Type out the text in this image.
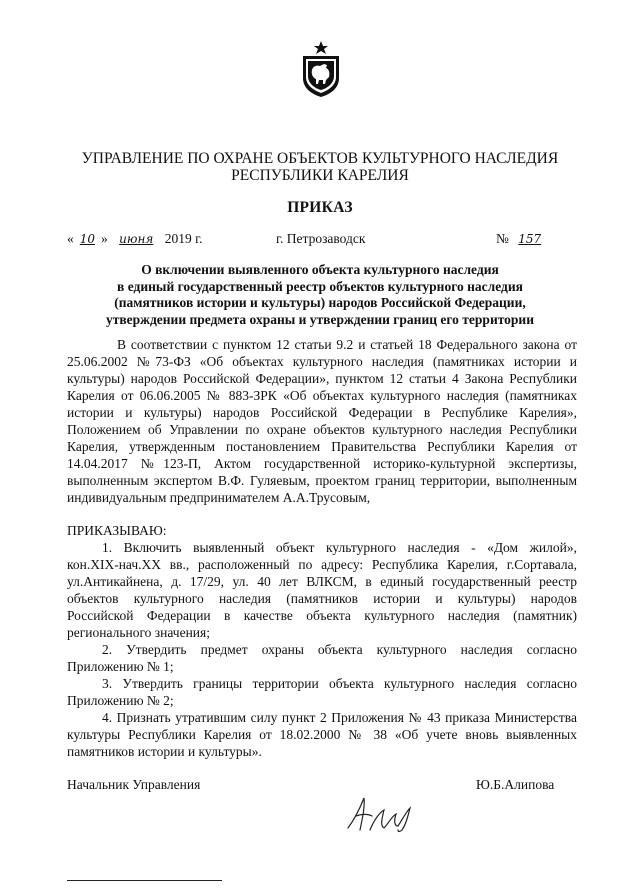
УПРАВЛЕНИЕ ПО ОХРАНЕ ОБЪЕКТОВ КУЛЬТУРНОГО НАСЛЕДИЯ
РЕСПУБЛИКИ КАРЕЛИЯ
ПРИКАЗ
« 10 » июня 2019 г.	г. Петрозаводск	№ 157
О включении выявленного объекта культурного наследия
в единый государственный реестр объектов культурного наследия
(памятников истории и культуры) народов Российской Федерации,
утверждении предмета охраны и утверждении границ его территории
В соответствии с пунктом 12 статьи 9.2 и статьей 18 Федерального закона от
25.06.2002 №73-ФЗ «Об объектах культурного наследия (памятниках истории и
культуры) народов Российской Федерации», пунктом 12 статьи 4 Закона Республики
Карелия от 06.06.2005 № 883-ЗРК «Об объектах культурного наследия (памятниках
истории и культуры) народов Российской Федерации в Республике Карелия»,
Положением об Управлении по охране объектов культурного наследия Республики
Карелия, утвержденным постановлением Правительства Республики Карелия от
14.04.2017 №123-П, Актом государственной историко-культурной экспертизы,
выполненным экспертом В.Ф. Гуляевым, проектом границ территории, выполненным
индивидуальным предпринимателем А.А.Трусовым,
ПРИКАЗЫВАЮ:
1. Включить выявленный объект культурного наследия - «Дом жилой»,
кон.XIX-нач.XX вв., расположенный по адресу: Республика Карелия, г.Сортавала,
ул.Антикайнена, д. 17/29, ул. 40 лет ВЛКСМ, в единый государственный реестр
объектов культурного наследия (памятников истории и культуры) народов
Российской Федерации в качестве объекта культурного наследия (памятник)
регионального значения;
2. Утвердить предмет охраны объекта культурного наследия согласно
Приложению № 1;
3. Утвердить границы территории объекта культурного наследия согласно
Приложению № 2;
4. Признать утратившим силу пункт 2 Приложения № 43 приказа Министерства
культуры Республики Карелия от 18.02.2000 № 38 «Об учете вновь выявленных
памятников истории и культуры».
Начальник Управления	Ю.Б.Алипова
